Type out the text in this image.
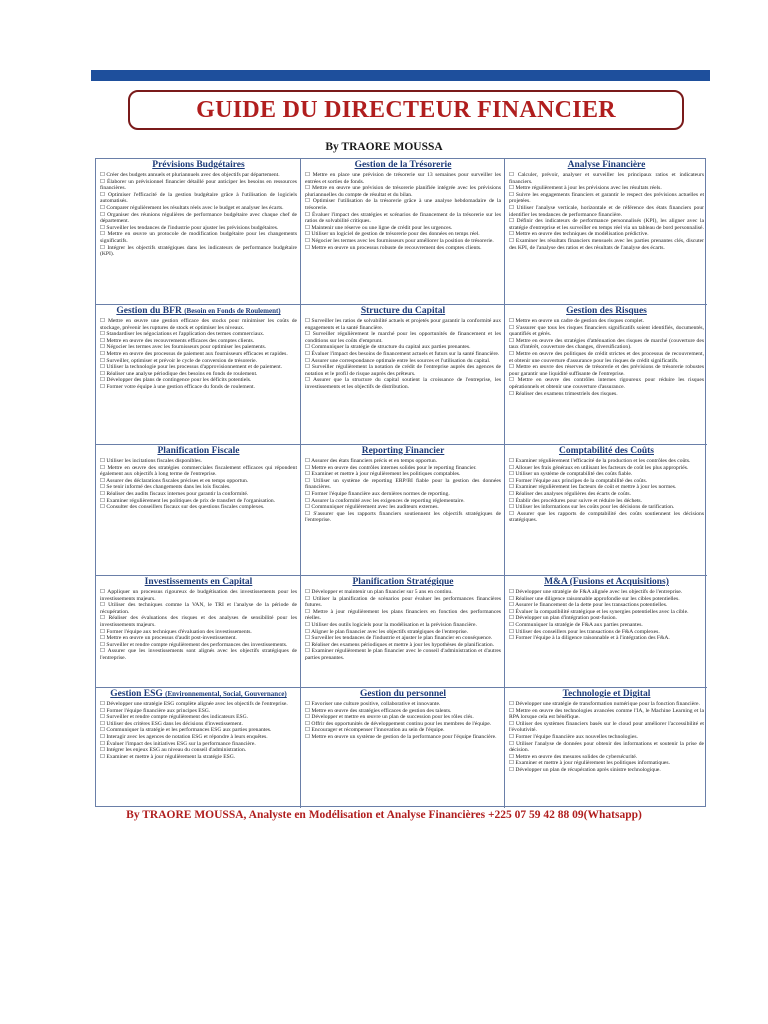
GUIDE DU DIRECTEUR FINANCIER
By TRAORE MOUSSA
Prévisions Budgétaires
☐ Créer des budgets annuels et pluriannuels avec des objectifs par département.
☐ Élaborer un prévisionnel financier détaillé pour anticiper les besoins en ressources financières.
☐ Optimiser l'efficacité de la gestion budgétaire grâce à l'utilisation de logiciels automatisés.
☐ Comparer régulièrement les résultats réels avec le budget et analyser les écarts.
☐ Organiser des réunions régulières de performance budgétaire avec chaque chef de département.
☐ Surveiller les tendances de l'industrie pour ajuster les prévisions budgétaires.
☐ Mettre en œuvre un protocole de modification budgétaire pour les changements significatifs.
☐ Intégrer les objectifs stratégiques dans les indicateurs de performance budgétaire (KPI).
Gestion de la Trésorerie
☐ Mettre en place une prévision de trésorerie sur 13 semaines pour surveiller les entrées et sorties de fonds.
☐ Mettre en œuvre une prévision de trésorerie planifiée intégrée avec les prévisions pluriannuelles du compte de résultat et du bilan.
☐ Optimiser l'utilisation de la trésorerie grâce à une analyse hebdomadaire de la trésorerie.
☐ Évaluer l'impact des stratégies et scénarios de financement de la trésorerie sur les ratios de solvabilité critiques.
☐ Maintenir une réserve ou une ligne de crédit pour les urgences.
☐ Utiliser un logiciel de gestion de trésorerie pour des données en temps réel.
☐ Négocier les termes avec les fournisseurs pour améliorer la position de trésorerie.
☐ Mettre en œuvre un processus robuste de recouvrement des comptes clients.
Analyse Financière
☐ Calculer, prévoir, analyser et surveiller les principaux ratios et indicateurs financiers.
☐ Mettre régulièrement à jour les prévisions avec les résultats réels.
☐ Suivre les engagements financiers et garantir le respect des prévisions actuelles et projetées.
☐ Utiliser l'analyse verticale, horizontale et de référence des états financiers pour identifier les tendances de performance financière.
☐ Définir des indicateurs de performance personnalisés (KPI), les aligner avec la stratégie d'entreprise et les surveiller en temps réel via un tableau de bord personnalisé.
☐ Mettre en œuvre des techniques de modélisation prédictive.
☐ Examiner les résultats financiers mensuels avec les parties prenantes clés, discuter des KPI, de l'analyse des ratios et des résultats de l'analyse des écarts.
Gestion du BFR (Besoin en Fonds de Roulement)
☐ Mettre en œuvre une gestion efficace des stocks pour minimiser les coûts de stockage, prévenir les ruptures de stock et optimiser les niveaux.
☐ Standardiser les négociations et l'application des termes commerciaux.
☐ Mettre en œuvre des recouvrements efficaces des comptes clients.
☐ Négocier les termes avec les fournisseurs pour optimiser les paiements.
☐ Mettre en œuvre des processus de paiement aux fournisseurs efficaces et rapides.
☐ Surveiller, optimiser et prévoir le cycle de conversion de trésorerie.
☐ Utiliser la technologie pour les processus d'approvisionnement et de paiement.
☐ Réaliser une analyse périodique des besoins en fonds de roulement.
☐ Développer des plans de contingence pour les déficits potentiels.
☐ Former votre équipe à une gestion efficace du fonds de roulement.
Structure du Capital
☐ Surveiller les ratios de solvabilité actuels et projetés pour garantir la conformité aux engagements et la santé financière.
☐ Surveiller régulièrement le marché pour les opportunités de financement et les conditions sur les coûts d'emprunt.
☐ Communiquer la stratégie de structure du capital aux parties prenantes.
☐ Évaluer l'impact des besoins de financement actuels et futurs sur la santé financière.
☐ Assurer une correspondance optimale entre les sources et l'utilisation du capital.
☐ Surveiller régulièrement la notation de crédit de l'entreprise auprès des agences de notation et le profil de risque auprès des prêteurs.
☐ Assurer que la structure du capital soutient la croissance de l'entreprise, les investissements et les objectifs de distribution.
Gestion des Risques
☐ Mettre en œuvre un cadre de gestion des risques complet.
☐ S'assurer que tous les risques financiers significatifs soient identifiés, documentés, quantifiés et gérés.
☐ Mettre en œuvre des stratégies d'atténuation des risques de marché (couverture des taux d'intérêt, couverture des changes, diversification).
☐ Mettre en œuvre des politiques de crédit strictes et des processus de recouvrement, et obtenir une couverture d'assurance pour les risques de crédit significatifs.
☐ Mettre en œuvre des réserves de trésorerie et des prévisions de trésorerie robustes pour garantir une liquidité suffisante de l'entreprise.
☐ Mettre en œuvre des contrôles internes rigoureux pour réduire les risques opérationnels et obtenir une couverture d'assurance.
☐ Réaliser des examens trimestriels des risques.
Planification Fiscale
☐ Utiliser les incitations fiscales disponibles.
☐ Mettre en œuvre des stratégies commerciales fiscalement efficaces qui répondent également aux objectifs à long terme de l'entreprise.
☐ Assurer des déclarations fiscales précises et en temps opportun.
☐ Se tenir informé des changements dans les lois fiscales.
☐ Réaliser des audits fiscaux internes pour garantir la conformité.
☐ Examiner régulièrement les politiques de prix de transfert de l'organisation.
☐ Consulter des conseillers fiscaux sur des questions fiscales complexes.
Reporting Financier
☐ Assurer des états financiers précis et en temps opportun.
☐ Mettre en œuvre des contrôles internes solides pour le reporting financier.
☐ Examiner et mettre à jour régulièrement les politiques comptables.
☐ Utiliser un système de reporting ERP/BI fiable pour la gestion des données financières.
☐ Former l'équipe financière aux dernières normes de reporting.
☐ Assurer la conformité avec les exigences de reporting réglementaire.
☐ Communiquer régulièrement avec les auditeurs externes.
☐ S'assurer que les rapports financiers soutiennent les objectifs stratégiques de l'entreprise.
Comptabilité des Coûts
☐ Examiner régulièrement l'efficacité de la production et les contrôles des coûts.
☐ Allouer les frais généraux en utilisant les facteurs de coût les plus appropriés.
☐ Utiliser un système de comptabilité des coûts fiable.
☐ Former l'équipe aux principes de la comptabilité des coûts.
☐ Examiner régulièrement les facteurs de coût et mettre à jour les normes.
☐ Réaliser des analyses régulières des écarts de coûts.
☐ Établir des procédures pour suivre et réduire les déchets.
☐ Utiliser les informations sur les coûts pour les décisions de tarification.
☐ Assurer que les rapports de comptabilité des coûts soutiennent les décisions stratégiques.
Investissements en Capital
☐ Appliquer un processus rigoureux de budgétisation des investissements pour les investissements majeurs.
☐ Utiliser des techniques comme la VAN, le TRI et l'analyse de la période de récupération.
☐ Réaliser des évaluations des risques et des analyses de sensibilité pour les investissements majeurs.
☐ Former l'équipe aux techniques d'évaluation des investissements.
☐ Mettre en œuvre un processus d'audit post-investissement.
☐ Surveiller et rendre compte régulièrement des performances des investissements.
☐ Assurer que les investissements sont alignés avec les objectifs stratégiques de l'entreprise.
Planification Stratégique
☐ Développer et maintenir un plan financier sur 5 ans en continu.
☐ Utiliser la planification de scénarios pour évaluer les performances financières futures.
☐ Mettre à jour régulièrement les plans financiers en fonction des performances réelles.
☐ Utiliser des outils logiciels pour la modélisation et la prévision financière.
☐ Aligner le plan financier avec les objectifs stratégiques de l'entreprise.
☐ Surveiller les tendances de l'industrie et ajuster le plan financier en conséquence.
☐ Réaliser des examens périodiques et mettre à jour les hypothèses de planification.
☐ Examiner régulièrement le plan financier avec le conseil d'administration et d'autres parties prenantes.
M&A (Fusions et Acquisitions)
☐ Développer une stratégie de F&A alignée avec les objectifs de l'entreprise.
☐ Réaliser une diligence raisonnable approfondie sur les cibles potentielles.
☐ Assurer le financement de la dette pour les transactions potentielles.
☐ Évaluer la compatibilité stratégique et les synergies potentielles avec la cible.
☐ Développer un plan d'intégration post-fusion.
☐ Communiquer la stratégie de F&A aux parties prenantes.
☐ Utiliser des conseillers pour les transactions de F&A complexes.
☐ Former l'équipe à la diligence raisonnable et à l'intégration des F&A.
Gestion ESG (Environnemental, Social, Gouvernance)
☐ Développer une stratégie ESG complète alignée avec les objectifs de l'entreprise.
☐ Former l'équipe financière aux principes ESG.
☐ Surveiller et rendre compte régulièrement des indicateurs ESG.
☐ Utiliser des critères ESG dans les décisions d'investissement.
☐ Communiquer la stratégie et les performances ESG aux parties prenantes.
☐ Interagir avec les agences de notation ESG et répondre à leurs enquêtes.
☐ Évaluer l'impact des initiatives ESG sur la performance financière.
☐ Intégrer les enjeux ESG au niveau du conseil d'administration.
☐ Examiner et mettre à jour régulièrement la stratégie ESG.
Gestion du personnel
☐ Favoriser une culture positive, collaborative et innovante.
☐ Mettre en œuvre des stratégies efficaces de gestion des talents.
☐ Développer et mettre en œuvre un plan de succession pour les rôles clés.
☐ Offrir des opportunités de développement continu pour les membres de l'équipe.
☐ Encourager et récompenser l'innovation au sein de l'équipe.
☐ Mettre en œuvre un système de gestion de la performance pour l'équipe financière.
Technologie et Digital
☐ Développer une stratégie de transformation numérique pour la fonction financière.
☐ Mettre en œuvre des technologies avancées comme l'IA, le Machine Learning et la RPA lorsque cela est bénéfique.
☐ Utiliser des systèmes financiers basés sur le cloud pour améliorer l'accessibilité et l'évolutivité.
☐ Former l'équipe financière aux nouvelles technologies.
☐ Utiliser l'analyse de données pour obtenir des informations et soutenir la prise de décision.
☐ Mettre en œuvre des mesures solides de cybersécurité.
☐ Examiner et mettre à jour régulièrement les politiques informatiques.
☐ Développer un plan de récupération après sinistre technologique.
By TRAORE MOUSSA, Analyste en Modélisation et Analyse Financières +225 07 59 42 88 09(Whatsapp)
